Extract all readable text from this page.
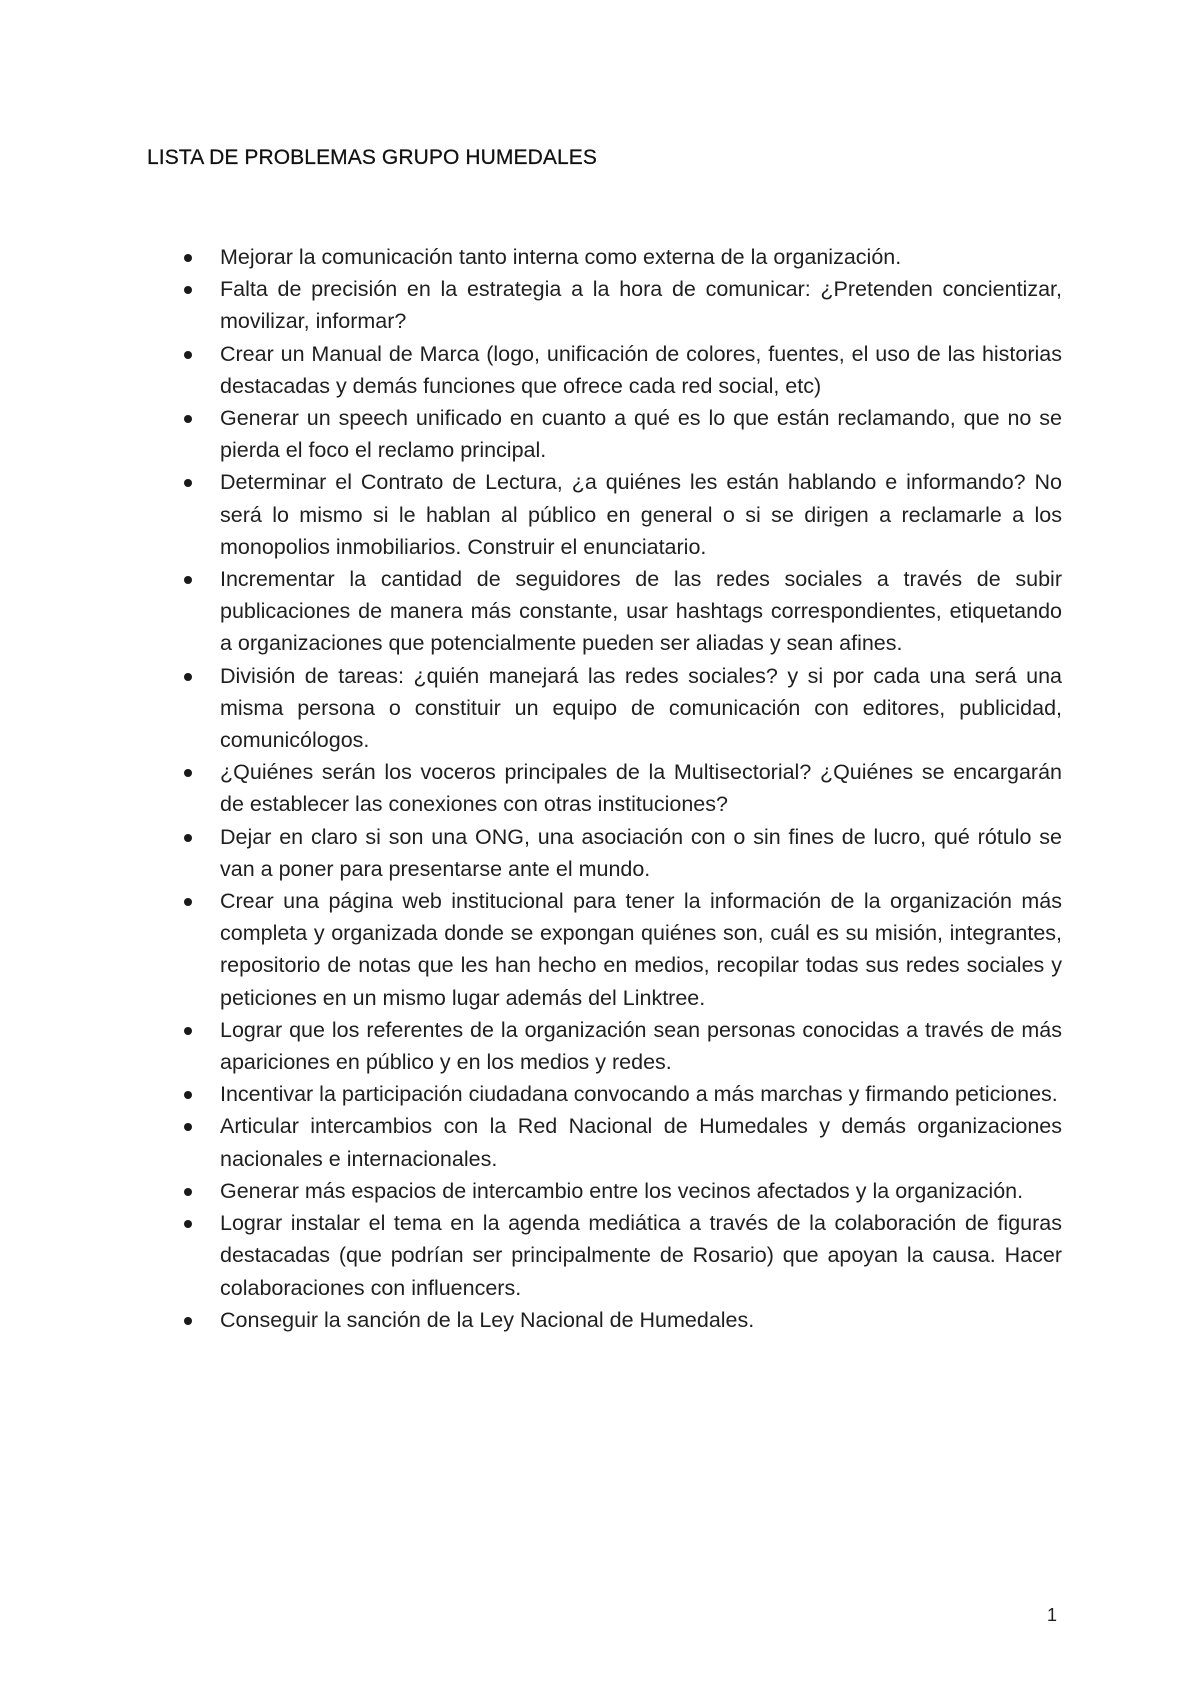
LISTA DE PROBLEMAS GRUPO HUMEDALES
Mejorar la comunicación tanto interna como externa de la organización.
Falta de precisión en la estrategia a la hora de comunicar: ¿Pretenden concientizar, movilizar, informar?
Crear un Manual de Marca (logo, unificación de colores, fuentes, el uso de las historias destacadas y demás funciones que ofrece cada red social, etc)
Generar un speech unificado en cuanto a qué es lo que están reclamando, que no se pierda el foco el reclamo principal.
Determinar el Contrato de Lectura, ¿a quiénes les están hablando e informando? No será lo mismo si le hablan al público en general o si se dirigen a reclamarle a los monopolios inmobiliarios. Construir el enunciatario.
Incrementar la cantidad de seguidores de las redes sociales a través de subir publicaciones de manera más constante, usar hashtags correspondientes, etiquetando a organizaciones que potencialmente pueden ser aliadas y sean afines.
División de tareas: ¿quién manejará las redes sociales? y si por cada una será una misma persona o constituir un equipo de comunicación con editores, publicidad, comunicólogos.
¿Quiénes serán los voceros principales de la Multisectorial? ¿Quiénes se encargarán de establecer las conexiones con otras instituciones?
Dejar en claro si son una ONG, una asociación con o sin fines de lucro, qué rótulo se van a poner para presentarse ante el mundo.
Crear una página web institucional para tener la información de la organización más completa y organizada donde se expongan quiénes son, cuál es su misión, integrantes, repositorio de notas que les han hecho en medios, recopilar todas sus redes sociales y peticiones en un mismo lugar además del Linktree.
Lograr que los referentes de la organización sean personas conocidas a través de más apariciones en público y en los medios y redes.
Incentivar la participación ciudadana convocando a más marchas y firmando peticiones.
Articular intercambios con la Red Nacional de Humedales y demás organizaciones nacionales e internacionales.
Generar más espacios de intercambio entre los vecinos afectados y la organización.
Lograr instalar el tema en la agenda mediática a través de la colaboración de figuras destacadas (que podrían ser principalmente de Rosario) que apoyan la causa. Hacer colaboraciones con influencers.
Conseguir la sanción de la Ley Nacional de Humedales.
1
